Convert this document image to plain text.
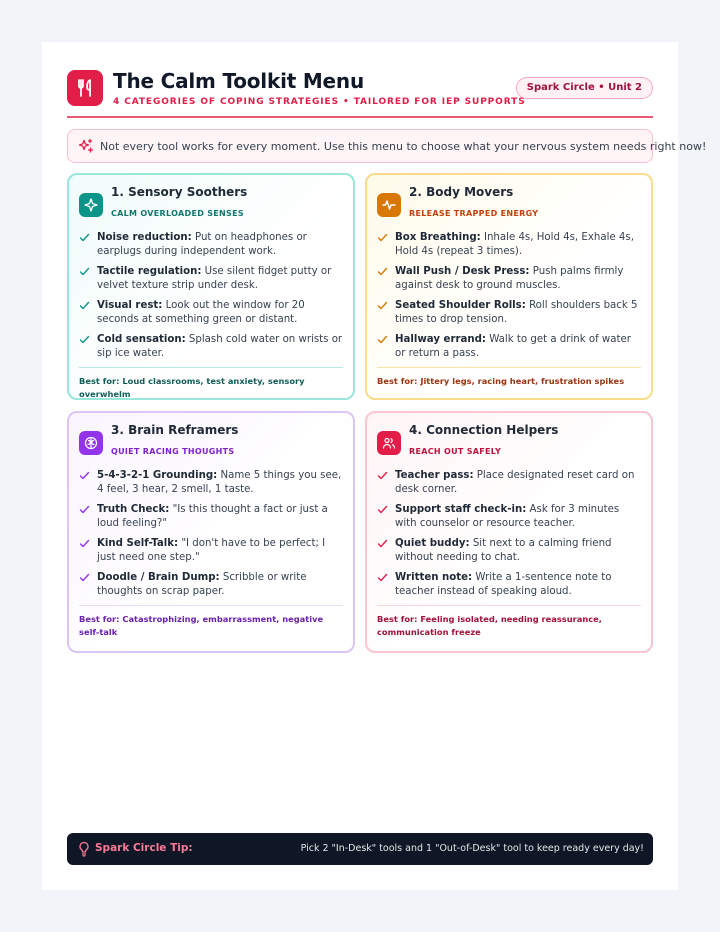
The Calm Toolkit Menu
4 CATEGORIES OF COPING STRATEGIES • TAILORED FOR IEP SUPPORTS
Spark Circle • Unit 2
Not every tool works for every moment. Use this menu to choose what your nervous system needs right now!
1. Sensory Soothers
CALM OVERLOADED SENSES
Noise reduction: Put on headphones or earplugs during independent work.
Tactile regulation: Use silent fidget putty or velvet texture strip under desk.
Visual rest: Look out the window for 20 seconds at something green or distant.
Cold sensation: Splash cold water on wrists or sip ice water.
Best for: Loud classrooms, test anxiety, sensory overwhelm
2. Body Movers
RELEASE TRAPPED ENERGY
Box Breathing: Inhale 4s, Hold 4s, Exhale 4s, Hold 4s (repeat 3 times).
Wall Push / Desk Press: Push palms firmly against desk to ground muscles.
Seated Shoulder Rolls: Roll shoulders back 5 times to drop tension.
Hallway errand: Walk to get a drink of water or return a pass.
Best for: Jittery legs, racing heart, frustration spikes
3. Brain Reframers
QUIET RACING THOUGHTS
5-4-3-2-1 Grounding: Name 5 things you see, 4 feel, 3 hear, 2 smell, 1 taste.
Truth Check: "Is this thought a fact or just a loud feeling?"
Kind Self-Talk: "I don't have to be perfect; I just need one step."
Doodle / Brain Dump: Scribble or write thoughts on scrap paper.
Best for: Catastrophizing, embarrassment, negative self-talk
4. Connection Helpers
REACH OUT SAFELY
Teacher pass: Place designated reset card on desk corner.
Support staff check-in: Ask for 3 minutes with counselor or resource teacher.
Quiet buddy: Sit next to a calming friend without needing to chat.
Written note: Write a 1-sentence note to teacher instead of speaking aloud.
Best for: Feeling isolated, needing reassurance, communication freeze
Spark Circle Tip:	Pick 2 "In-Desk" tools and 1 "Out-of-Desk" tool to keep ready every day!
